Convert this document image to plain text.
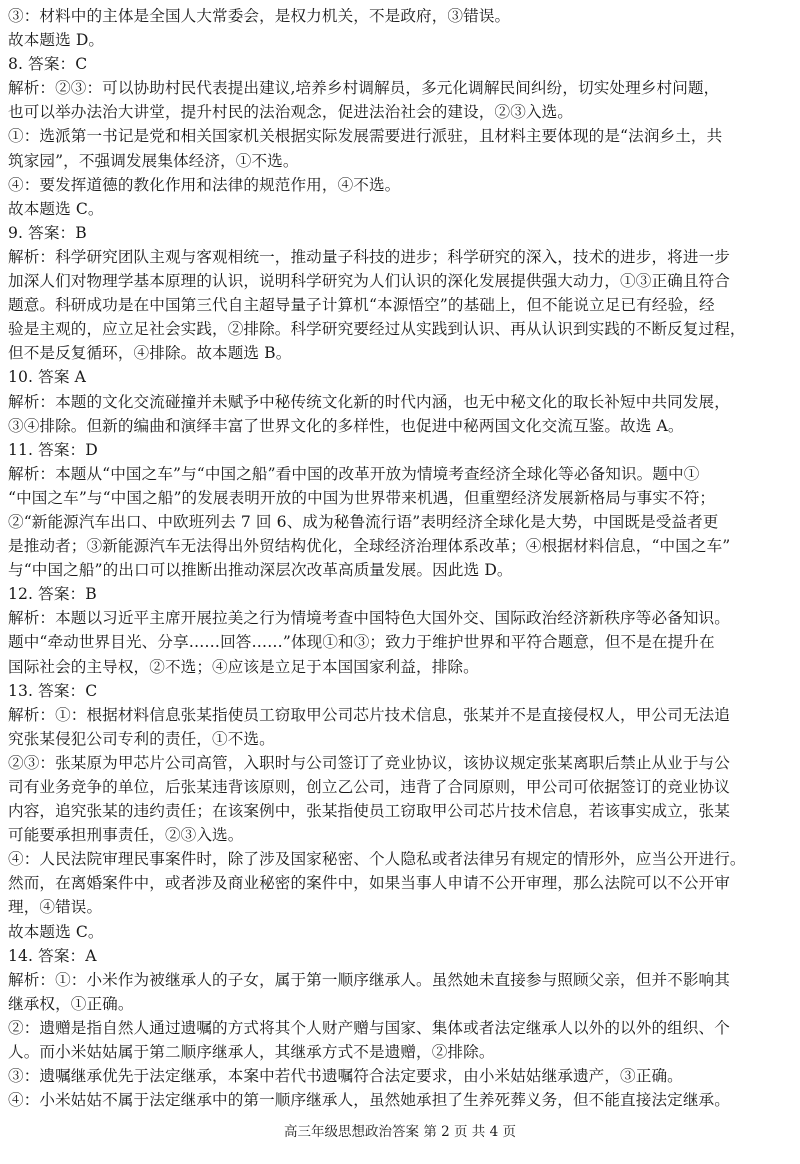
③：材料中的主体是全国人大常委会，是权力机关，不是政府，③错误。
故本题选 D。
8. 答案：C
解析：②③：可以协助村民代表提出建议,培养乡村调解员，多元化调解民间纠纷，切实处理乡村问题，
也可以举办法治大讲堂，提升村民的法治观念，促进法治社会的建设，②③入选。
①：选派第一书记是党和相关国家机关根据实际发展需要进行派驻，且材料主要体现的是“法润乡土，共
筑家园”，不强调发展集体经济，①不选。
④：要发挥道德的教化作用和法律的规范作用，④不选。
故本题选 C。
9. 答案：B
解析：科学研究团队主观与客观相统一，推动量子科技的进步；科学研究的深入，技术的进步，将进一步
加深人们对物理学基本原理的认识，说明科学研究为人们认识的深化发展提供强大动力，①③正确且符合
题意。科研成功是在中国第三代自主超导量子计算机“本源悟空”的基础上，但不能说立足已有经验，经
验是主观的，应立足社会实践，②排除。科学研究要经过从实践到认识、再从认识到实践的不断反复过程，
但不是反复循环，④排除。故本题选 B。
10. 答案 A
解析：本题的文化交流碰撞并未赋予中秘传统文化新的时代内涵，也无中秘文化的取长补短中共同发展，
③④排除。但新的编曲和演绎丰富了世界文化的多样性，也促进中秘两国文化交流互鉴。故选 A。
11. 答案：D
解析：本题从“中国之车”与“中国之船”看中国的改革开放为情境考查经济全球化等必备知识。题中①
“中国之车”与“中国之船”的发展表明开放的中国为世界带来机遇，但重塑经济发展新格局与事实不符；
②“新能源汽车出口、中欧班列去 7 回 6、成为秘鲁流行语”表明经济全球化是大势，中国既是受益者更
是推动者；③新能源汽车无法得出外贸结构优化，全球经济治理体系改革；④根据材料信息，“中国之车”
与“中国之船”的出口可以推断出推动深层次改革高质量发展。因此选 D。
12. 答案：B
解析：本题以习近平主席开展拉美之行为情境考查中国特色大国外交、国际政治经济新秩序等必备知识。
题中“牵动世界目光、分享……回答……”体现①和③；致力于维护世界和平符合题意，但不是在提升在
国际社会的主导权，②不选；④应该是立足于本国国家利益，排除。
13. 答案：C
解析：①：根据材料信息张某指使员工窃取甲公司芯片技术信息，张某并不是直接侵权人，甲公司无法追
究张某侵犯公司专利的责任，①不选。
②③：张某原为甲芯片公司高管，入职时与公司签订了竞业协议，该协议规定张某离职后禁止从业于与公
司有业务竞争的单位，后张某违背该原则，创立乙公司，违背了合同原则，甲公司可依据签订的竞业协议
内容，追究张某的违约责任；在该案例中，张某指使员工窃取甲公司芯片技术信息，若该事实成立，张某
可能要承担刑事责任，②③入选。
④：人民法院审理民事案件时，除了涉及国家秘密、个人隐私或者法律另有规定的情形外，应当公开进行。
然而，在离婚案件中，或者涉及商业秘密的案件中，如果当事人申请不公开审理，那么法院可以不公开审
理，④错误。
故本题选 C。
14. 答案：A
解析：①：小米作为被继承人的子女，属于第一顺序继承人。虽然她未直接参与照顾父亲，但并不影响其
继承权，①正确。
②：遗赠是指自然人通过遗嘱的方式将其个人财产赠与国家、集体或者法定继承人以外的以外的组织、个
人。而小米姑姑属于第二顺序继承人，其继承方式不是遗赠，②排除。
③：遗嘱继承优先于法定继承，本案中若代书遗嘱符合法定要求，由小米姑姑继承遗产，③正确。
④：小米姑姑不属于法定继承中的第一顺序继承人，虽然她承担了生养死葬义务，但不能直接法定继承。
高三年级思想政治答案 第 2 页 共 4 页
